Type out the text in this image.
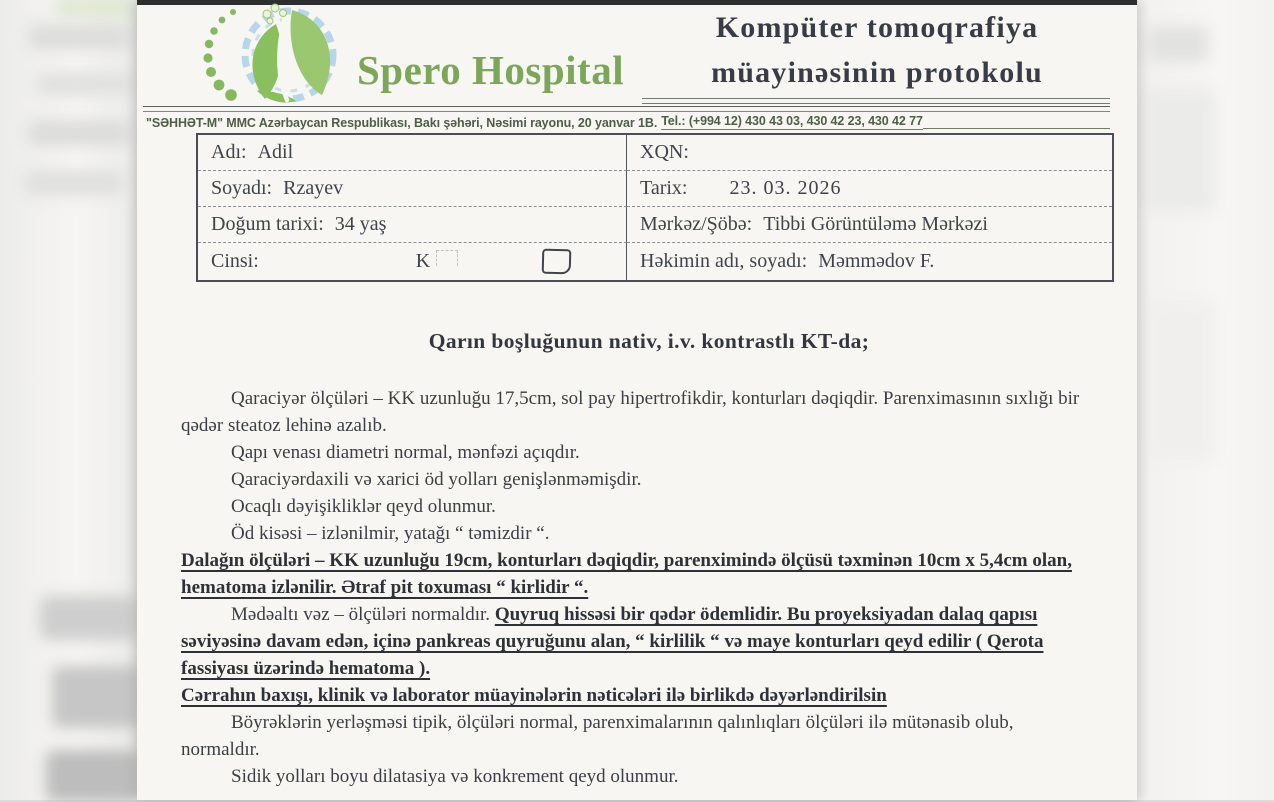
Spero Hospital
Kompüter tomoqrafiya
müayinəsinin protokolu
"SƏHHƏT-M" MMC Azərbaycan Respublikası, Bakı şəhəri, Nəsimi rayonu, 20 yanvar 1B. Tel.: (+994 12) 430 43 03, 430 42 23, 430 42 77
Adı: Adil	XQN:
Soyadı: Rzayev	Tarix: 23. 03. 2026
Doğum tarixi: 34 yaş	Mərkəz/Şöbə: Tibbi Görüntüləmə Mərkəzi
Cinsi:	K	Həkimin adı, soyadı: Məmmədov F.
Qarın boşluğunun nativ, i.v. kontrastlı KT-da;

Qaraciyər ölçüləri – KK uzunluğu 17,5cm, sol pay hipertrofikdir, konturları dəqiqdir. Parenximasının sıxlığı bir qədər steatoz lehinə azalıb.

Qapı venası diametri normal, mənfəzi açıqdır.

Qaraciyərdaxili və xarici öd yolları genişlənməmişdir.

Ocaqlı dəyişikliklər qeyd olunmur.

Öd kisəsi – izlənilmir, yatağı “ təmizdir “.

Dalağın ölçüləri – KK uzunluğu 19cm, konturları dəqiqdir, parenximində ölçüsü təxminən 10cm x 5,4cm olan, hematoma izlənilir. Ətraf pit toxuması “ kirlidir “.

Mədəaltı vəz – ölçüləri normaldır. Quyruq hissəsi bir qədər ödemlidir. Bu proyeksiyadan dalaq qapısı səviyəsinə davam edən, içinə pankreas quyruğunu alan, “ kirlilik “ və maye konturları qeyd edilir ( Qerota fassiyası üzərində hematoma ).

Cərrahın baxışı, klinik və laborator müayinələrin nəticələri ilə birlikdə dəyərləndirilsin

Böyrəklərin yerləşməsi tipik, ölçüləri normal, parenximalarının qalınlıqları ölçüləri ilə mütənasib olub, normaldır.

Sidik yolları boyu dilatasiya və konkrement qeyd olunmur.
